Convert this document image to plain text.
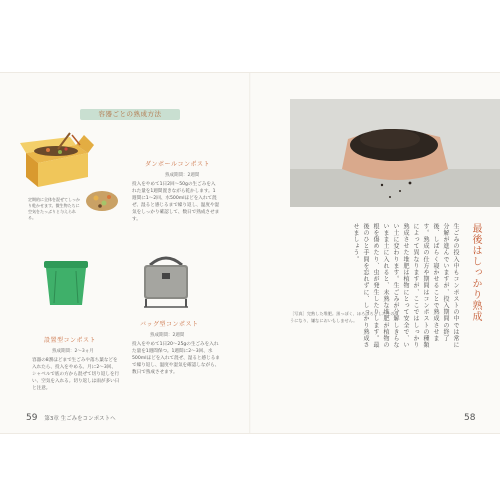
容器ごとの熟成方法
定期的に全体を混ぜてしっかり乾かせます。微生物たちに空気をたっぷりと与えられる。
ダンボールコンポスト
熟成期間：2週間
投入をやめて1日2回〜50gの生ごみを入れた量を1週間置きながら乾かします。1週間に1〜2回、水500mlほどを入れて混ぜ、湿ると感じるまで繰り返し、温度や湿気をしっかり確認して、数日で熟成させます。
設置型コンポスト
熟成期間：2〜3ヵ月
容器の8割ほどまで生ごみや落ち葉などを入れたら、投入をやめる。月に2〜3回、シャベルで底の方から混ぜて切り返しを行い、空気を入れる。切り返しは雨が多い日と注意。
バッグ型コンポスト
熟成期間：2週間
投入をやめて1日20〜25gの生ごみを入れた量を1週間保つ。1週間に2〜3回、水500mlほどを入れて混ぜ、湿ると感じるまで繰り返し、温度や湿気を確認しながら、数日で熟成させます。
59 第3章 生ごみをコンポストへ
最後はしっかり熟成
生ごみの投入中もコンポストの中では常に分解が進んでいますが、投入期間の終了後、しばらく寝かせることで熟成させます。熟成の仕方や期間はコンポストの種類によって異なりますが、ここではしっかり熟成させた堆肥は植物にとって安全で、いい土に変わります。生ごみが分解しきらないまま土に入れると、未熟な堆肥が植物の根を傷めたり、虫が発生したりします。最後のひと手間を忘れずに、しっかり熟成させましょう。
［写真］完熟した堆肥。黒っぽく、ほろほろとした土のようになり、嫌なにおいもしません。
58
